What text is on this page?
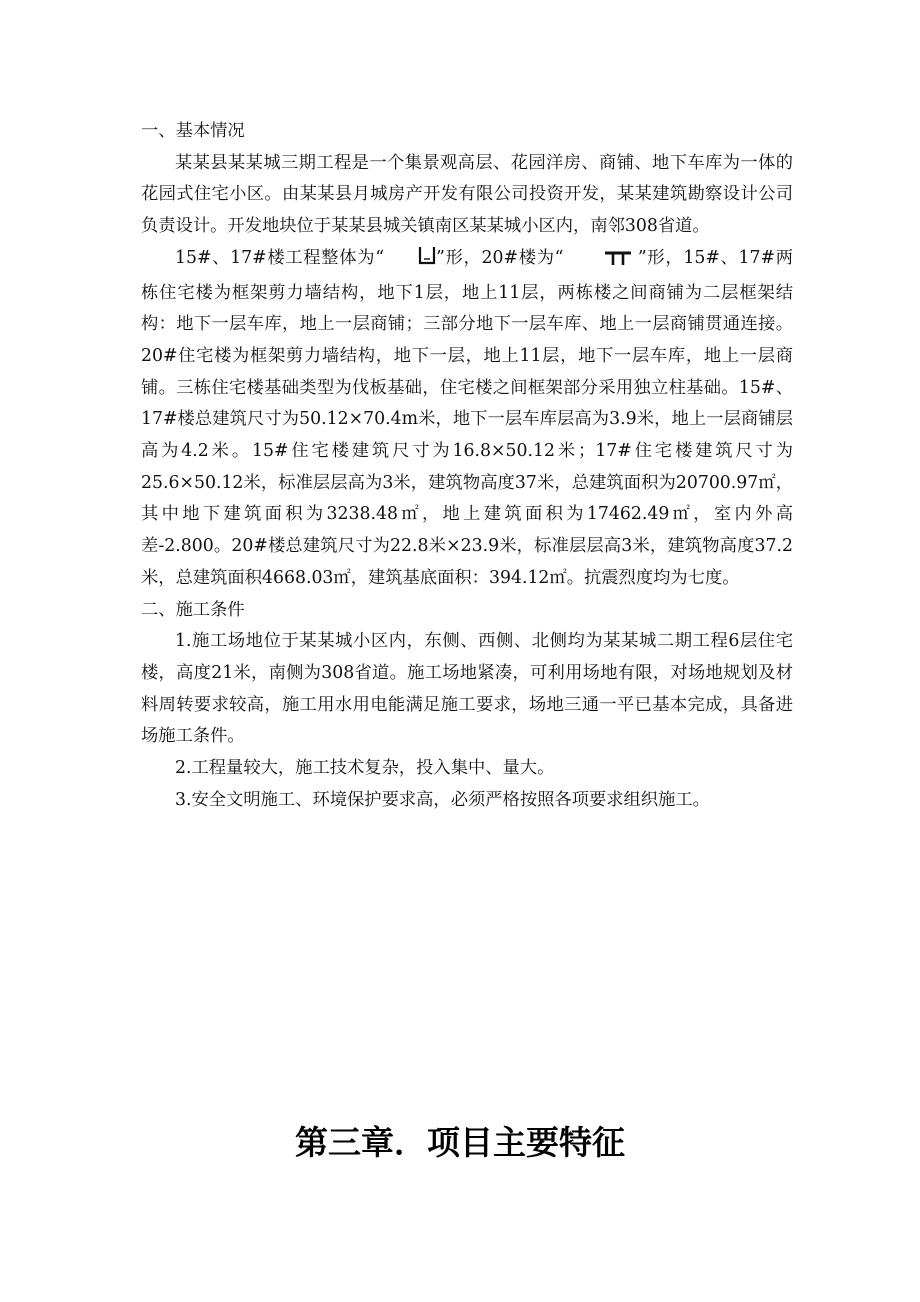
一、基本情况

某某县某某城三期工程是一个集景观高层、花园洋房、商铺、地下车库为一体的花园式住宅小区。由某某县月城房产开发有限公司投资开发，某某建筑勘察设计公司负责设计。开发地块位于某某县城关镇南区某某城小区内，南邻308省道。

15#、17#楼工程整体为“	”形，20#楼为“	”形，15#、17#两栋住宅楼为框架剪力墙结构，地下1层，地上11层，两栋楼之间商铺为二层框架结构：地下一层车库，地上一层商铺；三部分地下一层车库、地上一层商铺贯通连接。20#住宅楼为框架剪力墙结构，地下一层，地上11层，地下一层车库，地上一层商铺。三栋住宅楼基础类型为伐板基础，住宅楼之间框架部分采用独立柱基础。15#、17#楼总建筑尺寸为50.12×70.4m米，地下一层车库层高为3.9米，地上一层商铺层高为4.2米。15#住宅楼建筑尺寸为16.8×50.12米；17#住宅楼建筑尺寸为25.6×50.12米，标准层层高为3米，建筑物高度37米，总建筑面积为20700.97㎡，其中地下建筑面积为3238.48㎡，地上建筑面积为17462.49㎡，室内外高差-2.800。20#楼总建筑尺寸为22.8米×23.9米，标准层层高3米，建筑物高度37.2米，总建筑面积4668.03㎡，建筑基底面积：394.12㎡。抗震烈度均为七度。

二、施工条件

1.施工场地位于某某城小区内，东侧、西侧、北侧均为某某城二期工程6层住宅楼，高度21米，南侧为308省道。施工场地紧凑，可利用场地有限，对场地规划及材料周转要求较高，施工用水用电能满足施工要求，场地三通一平已基本完成，具备进场施工条件。

2.工程量较大，施工技术复杂，投入集中、量大。

3.安全文明施工、环境保护要求高，必须严格按照各项要求组织施工。

第三章．项目主要特征
